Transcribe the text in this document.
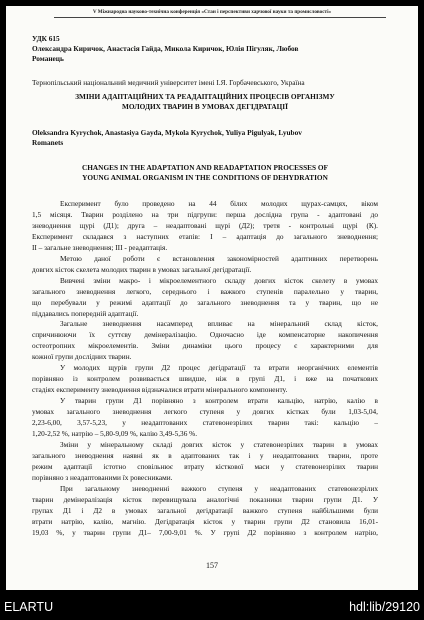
V Міжнародна науково-технічна конференція «Стан і перспективи харчової науки та промисловості»
УДК 615
Олександра Киричок, Анастасія Гайда, Микола Киричок, Юлія Пігуляк, Любов
Романець
Тернопільський національний медичний університет імені І.Я. Горбачевського, Україна
ЗМІНИ АДАПТАЦІЙНИХ ТА РЕАДАПТАЦІЙНИХ ПРОЦЕСІВ ОРГАНІЗМУ
МОЛОДИХ ТВАРИН В УМОВАХ ДЕГІДРАТАЦІЇ
Oleksandra Kyrychok, Anastasiya Gayda, Mykola Kyrychok, Yuliya Pigulyak, Lyubov
Romanets
CHANGES IN THE ADAPTATION AND READAPTATION PROCESSES OF
YOUNG ANIMAL ORGANISM IN THE CONDITIONS OF DEHYDRATION
Експеримент було проведено на 44 білих молодих щурах-самцях, віком
1,5 місяця. Тварин розділено на три підгрупи: перша дослідна група - адаптовані до
зневоднення щурі (Д1); друга – неадаптовані щурі (Д2); третя - контрольні щурі (К).
Експеримент складався з наступних етапів: І – адаптація до загального зневоднення;
ІІ – загальне зневоднення; ІІІ - реадаптація.
Метою даної роботи є встановлення закономірностей адаптивних перетворень
довгих кісток скелета молодих тварин в умовах загальної дегідратації.
Вивчені зміни макро- і мікроелементного складу довгих кісток скелету в умовах
загального зневоднення легкого, середнього і важкого ступенів паралельно у тварин,
що перебували у режимі адаптації до загального зневоднення та у тварин, що не
піддавались попередній адаптації.
Загальне зневоднення насамперед впливає на мінеральний склад кісток,
спричинюючи їх суттєву демінералізацію. Одночасно іде компенсаторне накопичення
остеотропних мікроелементів. Зміни динаміки цього процесу є характерними для
кожної групи дослідних тварин.
У молодих щурів групи Д2 процес дегідратації та втрати неорганічних елементів
порівняно із контролем розвивається швидше, ніж в групі Д1, і вже на початкових
стадіях експерименту зневоднення відзначалися втрати мінерального компоненту.
У тварин групи Д1 порівняно з контролем втрати кальцію, натрію, калію в
умовах загального зневоднення легкого ступеня у довгих кістках були 1,03-5,04,
2,23-6,00, 3,57-5,23, у неадаптованих статевонезрілих тварин такі: кальцію –
1,20-2,52 %, натрію – 5,80-9,09 %, калію 3,49-5,36 %.
Зміни у мінеральному складі довгих кісток у статевонезрілих тварин в умовах
загального зневоднення наявні як в адаптованих так і у неадаптованих тварин, проте
режим адаптації істотно сповільнює втрату кісткової маси у статевонезрілих тварин
порівняно з неадаптованими їх ровесниками.
При загальному зневодненні важкого ступеня у неадаптованих статевонезрілих
тварин демінералізація кісток перевищувала аналогічні показники тварин групи Д1. У
групах Д1 і Д2 в умовах загальної дегідратації важкого ступеня найбільшими були
втрати натрію, калію, магнію. Дегідратація кісток у тварин групи Д2 становила 16,01-
19,03 %, у тварин групи Д1– 7,00-9,01 %. У групі Д2 порівняно з контролем натрію,
157
ELARTU	hdl:lib/29120
